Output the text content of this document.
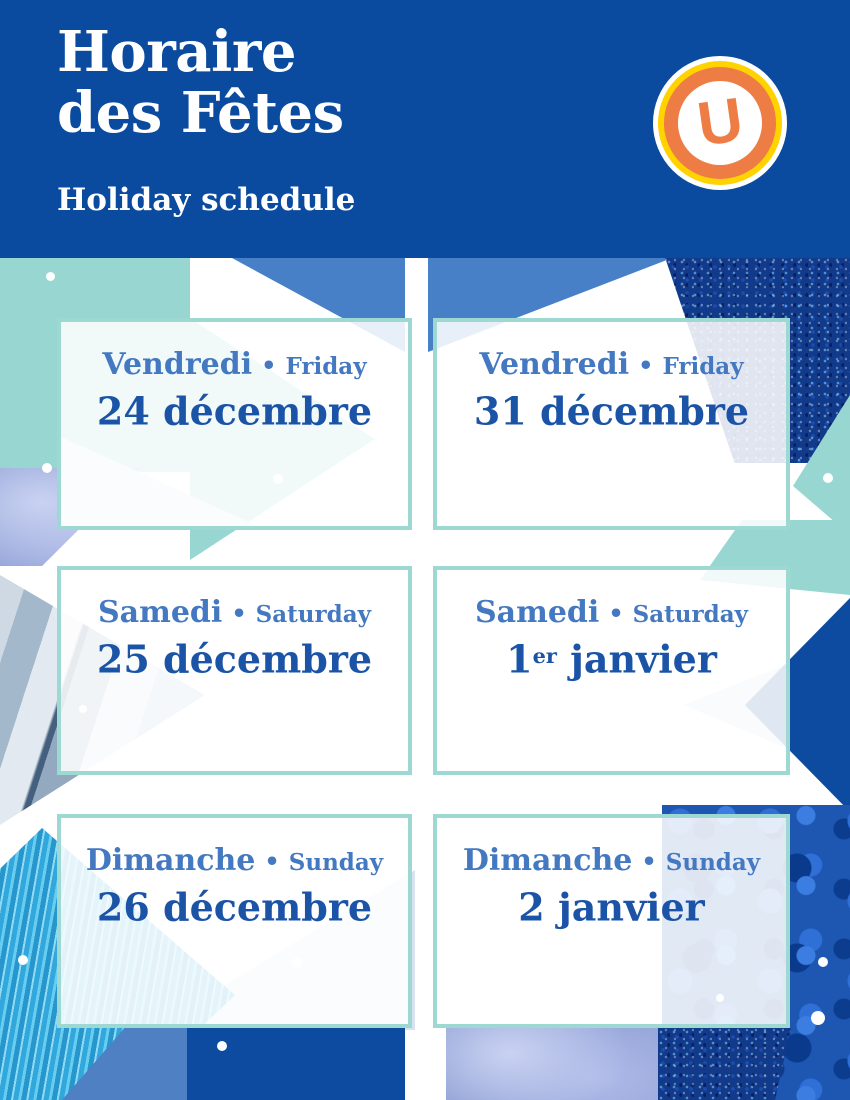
Horaire
des Fêtes
Holiday schedule
U
Vendredi • Friday
24 décembre
Vendredi • Friday
31 décembre
Samedi • Saturday
25 décembre
Samedi • Saturday
1er janvier
Dimanche • Sunday
26 décembre
Dimanche • Sunday
2 janvier
